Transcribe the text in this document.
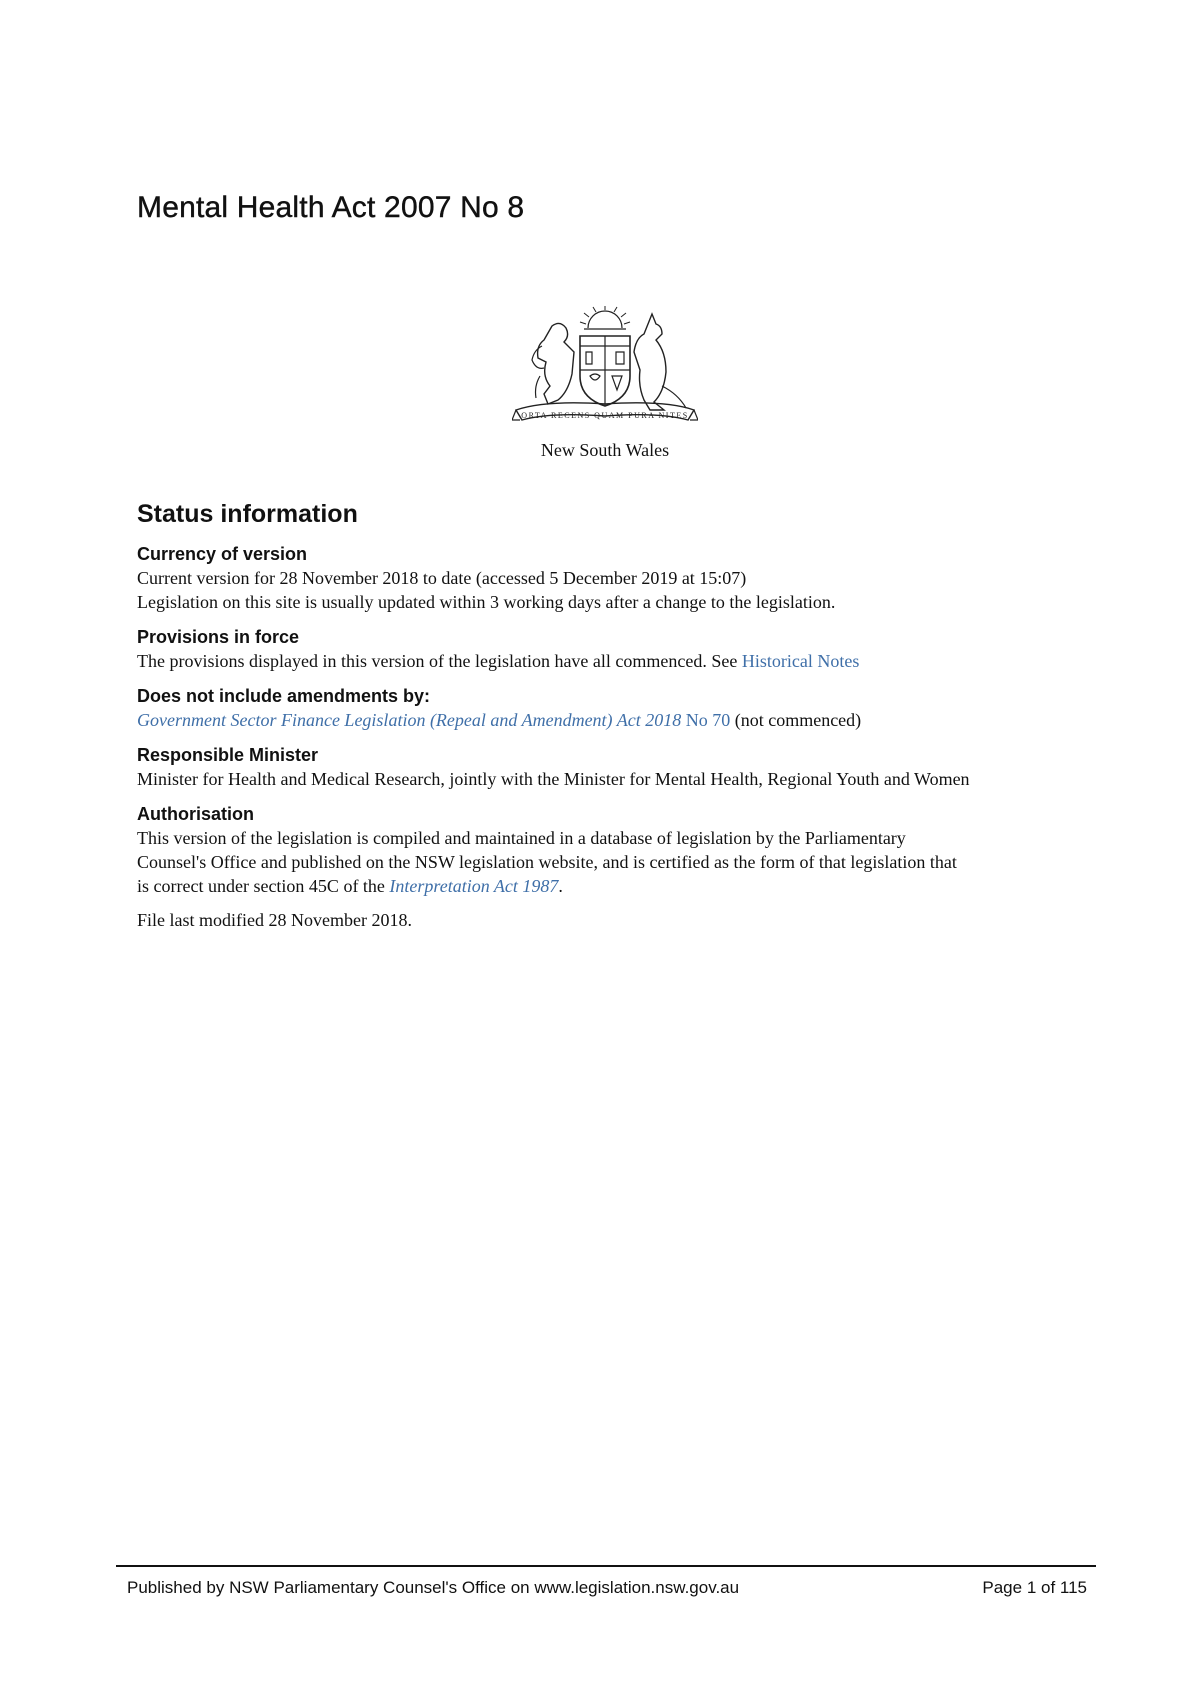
Mental Health Act 2007 No 8
ORTA RECENS QUAM PURA NITES
New South Wales
Status information

Currency of version

Current version for 28 November 2018 to date (accessed 5 December 2019 at 15:07)

Legislation on this site is usually updated within 3 working days after a change to the legislation.

Provisions in force

The provisions displayed in this version of the legislation have all commenced. See Historical Notes

Does not include amendments by:

Government Sector Finance Legislation (Repeal and Amendment) Act 2018 No 70 (not commenced)

Responsible Minister

Minister for Health and Medical Research, jointly with the Minister for Mental Health, Regional Youth and Women

Authorisation

This version of the legislation is compiled and maintained in a database of legislation by the Parliamentary

Counsel's Office and published on the NSW legislation website, and is certified as the form of that legislation that

is correct under section 45C of the Interpretation Act 1987.

File last modified 28 November 2018.

Published by NSW Parliamentary Counsel's Office on www.legislation.nsw.gov.au	Page 1 of 115
